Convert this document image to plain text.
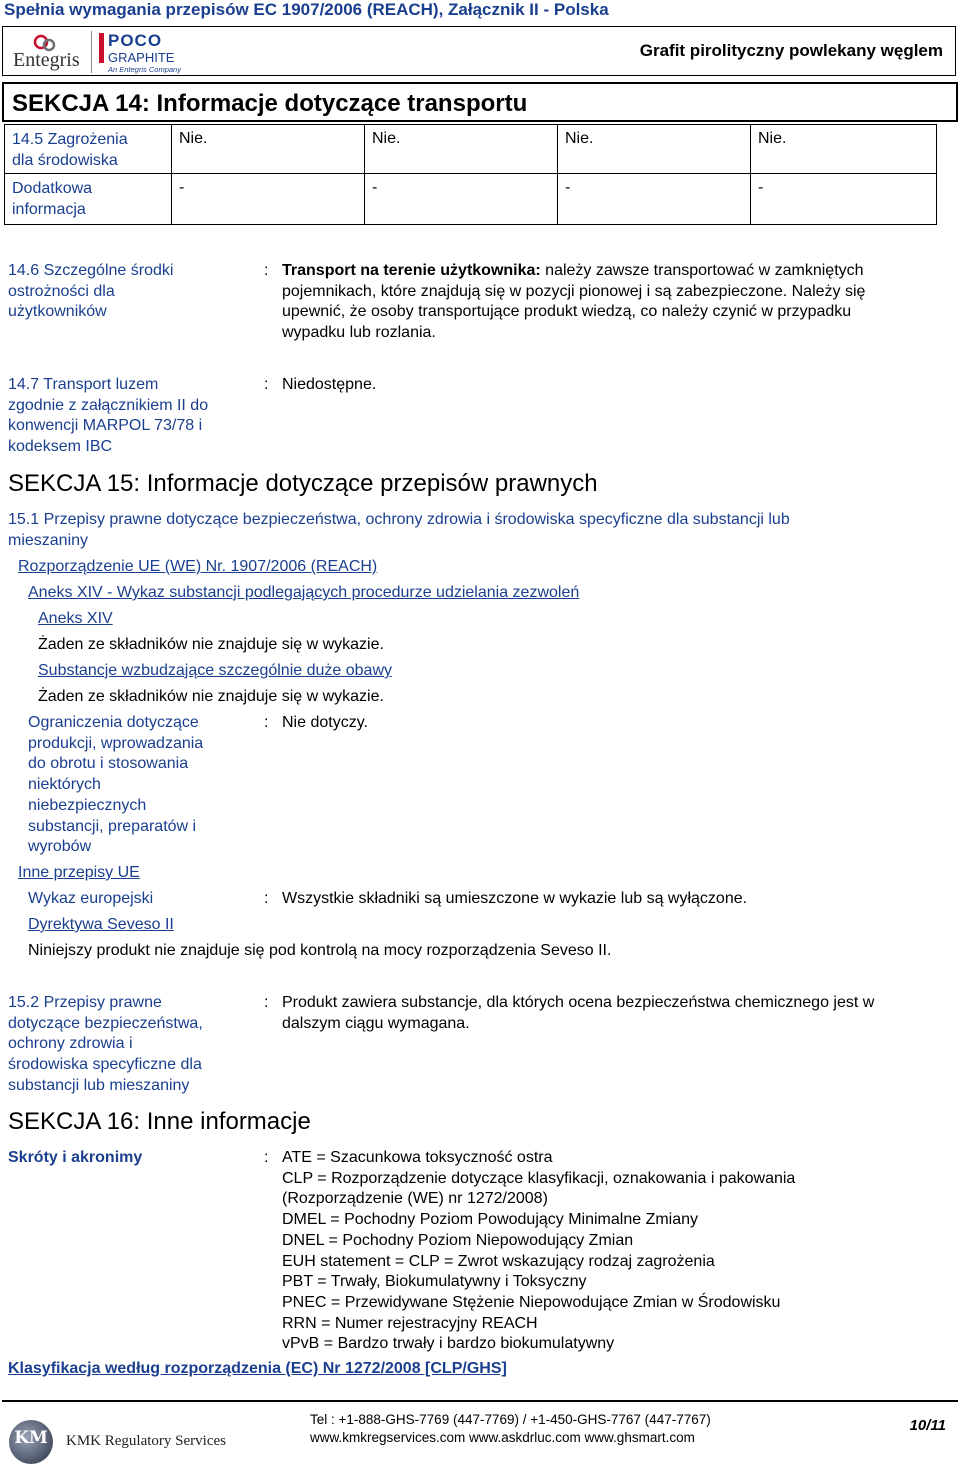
Spełnia wymagania przepisów EC 1907/2006 (REACH), Załącznik II - Polska
Entegris
POCO
GRAPHITE
An Entegris Company
Grafit pirolityczny powlekany węglem
SEKCJA 14: Informacje dotyczące transportu
14.5 Zagrożenia
dla środowiska	Nie.	Nie.	Nie.	Nie.

Dodatkowa
informacja	-	-	-	-
14.6 Szczególne środki
ostrożności dla
użytkowników
: Transport na terenie użytkownika: należy zawsze transportować w zamkniętych
pojemnikach, które znajdują się w pozycji pionowej i są zabezpieczone. Należy się
upewnić, że osoby transportujące produkt wiedzą, co należy czynić w przypadku
wypadku lub rozlania.
14.7 Transport luzem
zgodnie z załącznikiem II do
konwencji MARPOL 73/78 i
kodeksem IBC
: Niedostępne.
SEKCJA 15: Informacje dotyczące przepisów prawnych
15.1 Przepisy prawne dotyczące bezpieczeństwa, ochrony zdrowia i środowiska specyficzne dla substancji lub
mieszaniny
Rozporządzenie UE (WE) Nr. 1907/2006 (REACH)
Aneks XIV - Wykaz substancji podlegających procedurze udzielania zezwoleń
Aneks XIV
Żaden ze składników nie znajduje się w wykazie.
Substancje wzbudzające szczególnie duże obawy
Żaden ze składników nie znajduje się w wykazie.
Ograniczenia dotyczące
produkcji, wprowadzania
do obrotu i stosowania
niektórych
niebezpiecznych
substancji, preparatów i
wyrobów
: Nie dotyczy.
Inne przepisy UE
Wykaz europejski	: Wszystkie składniki są umieszczone w wykazie lub są wyłączone.
Dyrektywa Seveso II
Niniejszy produkt nie znajduje się pod kontrolą na mocy rozporządzenia Seveso II.
15.2 Przepisy prawne
dotyczące bezpieczeństwa,
ochrony zdrowia i
środowiska specyficzne dla
substancji lub mieszaniny
: Produkt zawiera substancje, dla których ocena bezpieczeństwa chemicznego jest w
dalszym ciągu wymagana.
SEKCJA 16: Inne informacje
Skróty i akronimy	: ATE = Szacunkowa toksyczność ostra
CLP = Rozporządzenie dotyczące klasyfikacji, oznakowania i pakowania
(Rozporządzenie (WE) nr 1272/2008)
DMEL = Pochodny Poziom Powodujący Minimalne Zmiany
DNEL = Pochodny Poziom Niepowodujący Zmian
EUH statement = CLP = Zwrot wskazujący rodzaj zagrożenia
PBT = Trwały, Biokumulatywny i Toksyczny
PNEC = Przewidywane Stężenie Niepowodujące Zmian w Środowisku
RRN = Numer rejestracyjny REACH
vPvB = Bardzo trwały i bardzo biokumulatywny
Klasyfikacja według rozporządzenia (EC) Nr 1272/2008 [CLP/GHS]
KM	KMK Regulatory Services
Tel : +1-888-GHS-7769 (447-7769) / +1-450-GHS-7767 (447-7767)
www.kmkregservices.com www.askdrluc.com www.ghsmart.com
10/11
